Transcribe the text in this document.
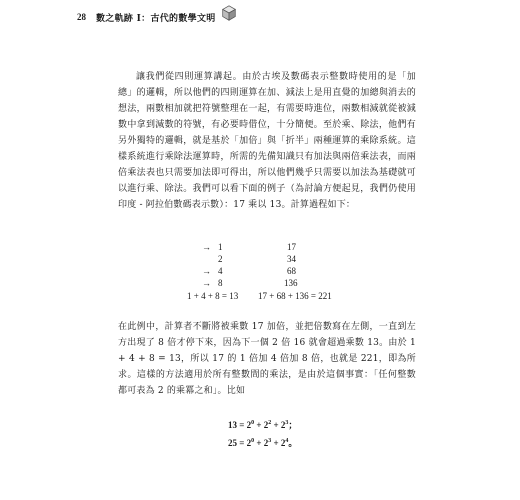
28 數之軌跡 I：古代的數學文明

讓我們從四則運算講起。由於古埃及數碼表示整數時使用的是「加總」的邏輯，所以他們的四則運算在加、減法上是用直覺的加總與消去的想法，兩數相加就把符號整理在一起，有需要時進位，兩數相減就從被減數中拿到減數的符號，有必要時借位，十分簡便。至於乘、除法，他們有另外獨特的邏輯，就是基於「加倍」與「折半」兩種運算的乘除系統。這樣系統進行乘除法運算時，所需的先備知識只有加法與兩倍乘法表，而兩倍乘法表也只需要加法即可得出，所以他們幾乎只需要以加法為基礎就可以進行乘、除法。我們可以看下面的例子（為討論方便起見，我們仍使用印度 - 阿拉伯數碼表示數）：17 乘以 13。計算過程如下：

→ 1	17
2	34
→ 4	68
→ 8	136
1 + 4 + 8 = 13 17 + 68 + 136 = 221

在此例中，計算者不斷將被乘數 17 加倍，並把倍數寫在左側，一直到左方出現了 8 倍才停下來，因為下一個 2 倍 16 就會超過乘數 13。由於 1 + 4 + 8 = 13，所以 17 的 1 倍加 4 倍加 8 倍，也就是 221，即為所求。這樣的方法適用於所有整數間的乘法，是由於這個事實：「任何整數都可表為 2 的乘冪之和」。比如

$13 = 2^0 + 2^2 + 2^3$；
$25 = 2^0 + 2^3 + 2^4$。
